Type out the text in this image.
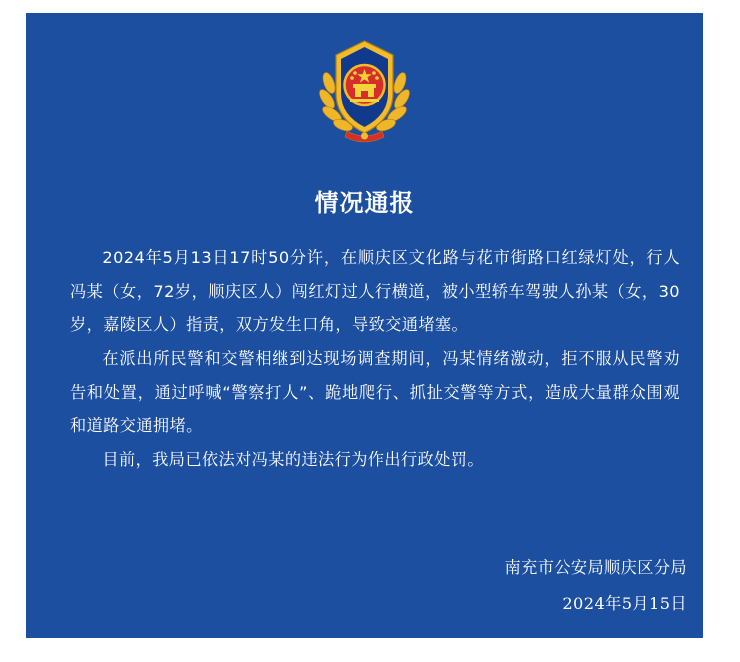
情况通报

2024年5月13日17时50分许，在顺庆区文化路与花市街路口红绿灯处，行人冯某（女，72岁，顺庆区人）闯红灯过人行横道，被小型轿车驾驶人孙某（女，30岁，嘉陵区人）指责，双方发生口角，导致交通堵塞。

在派出所民警和交警相继到达现场调查期间，冯某情绪激动，拒不服从民警劝告和处置，通过呼喊“警察打人”、跪地爬行、抓扯交警等方式，造成大量群众围观和道路交通拥堵。

目前，我局已依法对冯某的违法行为作出行政处罚。

南充市公安局顺庆区分局
2024年5月15日
